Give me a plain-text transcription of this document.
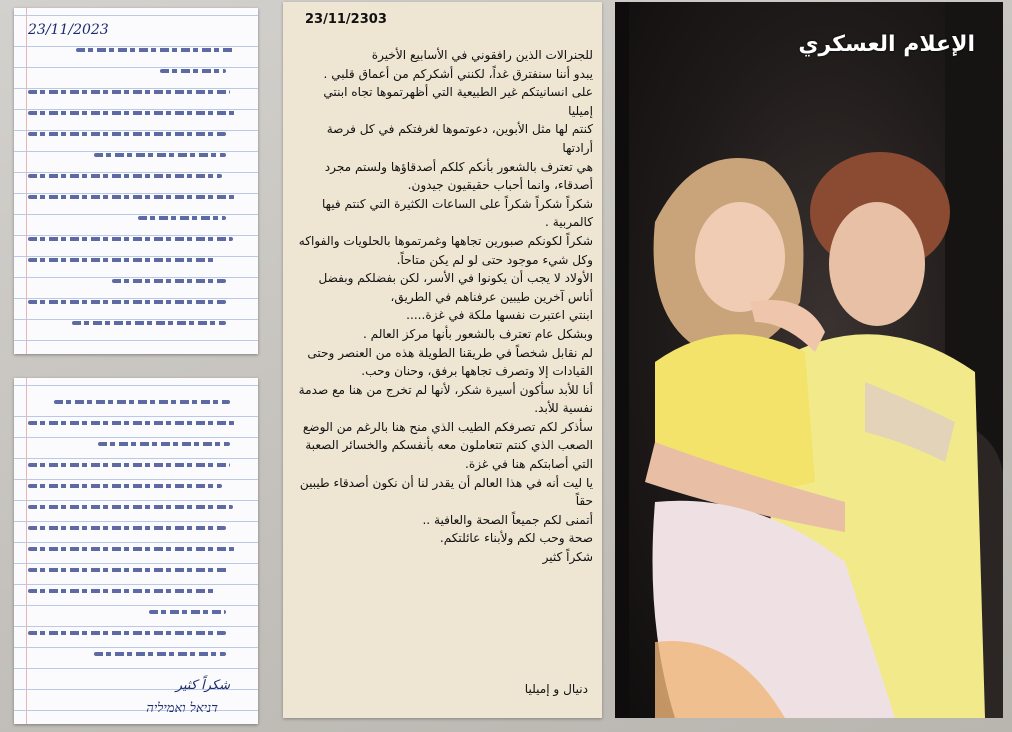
23/11/2023
شكراً كثير
דניאל ואמיליה
23/11/2303

للجنرالات الذين رافقوني في الأسابيع الأخيرة

يبدو أننا سنفترق غداً، لكنني أشكركم من أعماق قلبي .

على انسانيتكم غير الطبيعية التي أظهرتموها تجاه ابنتي إميليا

كنتم لها مثل الأبوين، دعوتموها لغرفتكم في كل فرصة أرادتها

هي تعترف بالشعور بأنكم كلكم أصدقاؤها ولستم مجرد أصدقاء، وانما أحباب حقيقيون جيدون.

شكراً شكراً شكراً على الساعات الكثيرة التي كنتم فيها كالمربية .

شكراً لكونكم صبورين تجاهها وغمرتموها بالحلويات والفواكه وكل شيء موجود حتى لو لم يكن متاحاً.

الأولاد لا يجب أن يكونوا في الأسر، لكن بفضلكم وبفضل أناس آخرين طيبين عرفناهم في الطريق،

ابنتي اعتبرت نفسها ملكة في غزة.....

وبشكل عام تعترف بالشعور بأنها مركز العالم .

لم نقابل شخصاً في طريقنا الطويلة هذه من العنصر وحتى القيادات إلا وتصرف تجاهها برفق، وحنان وحب.

أنا للأبد سأكون أسيرة شكر، لأنها لم تخرج من هنا مع صدمة نفسية للأبد.

سأذكر لكم تصرفكم الطيب الذي منح هنا بالرغم من الوضع الصعب الذي كنتم تتعاملون معه بأنفسكم والخسائر الصعبة التي أصابتكم هنا في غزة.

يا ليت أنه في هذا العالم أن يقدر لنا أن نكون أصدقاء طيبين حقاً

أتمنى لكم جميعاً الصحة والعافية ..

صحة وحب لكم ولأبناء عائلتكم.

شكراً كثير

دنيال و إميليا
الإعلام العسكري
